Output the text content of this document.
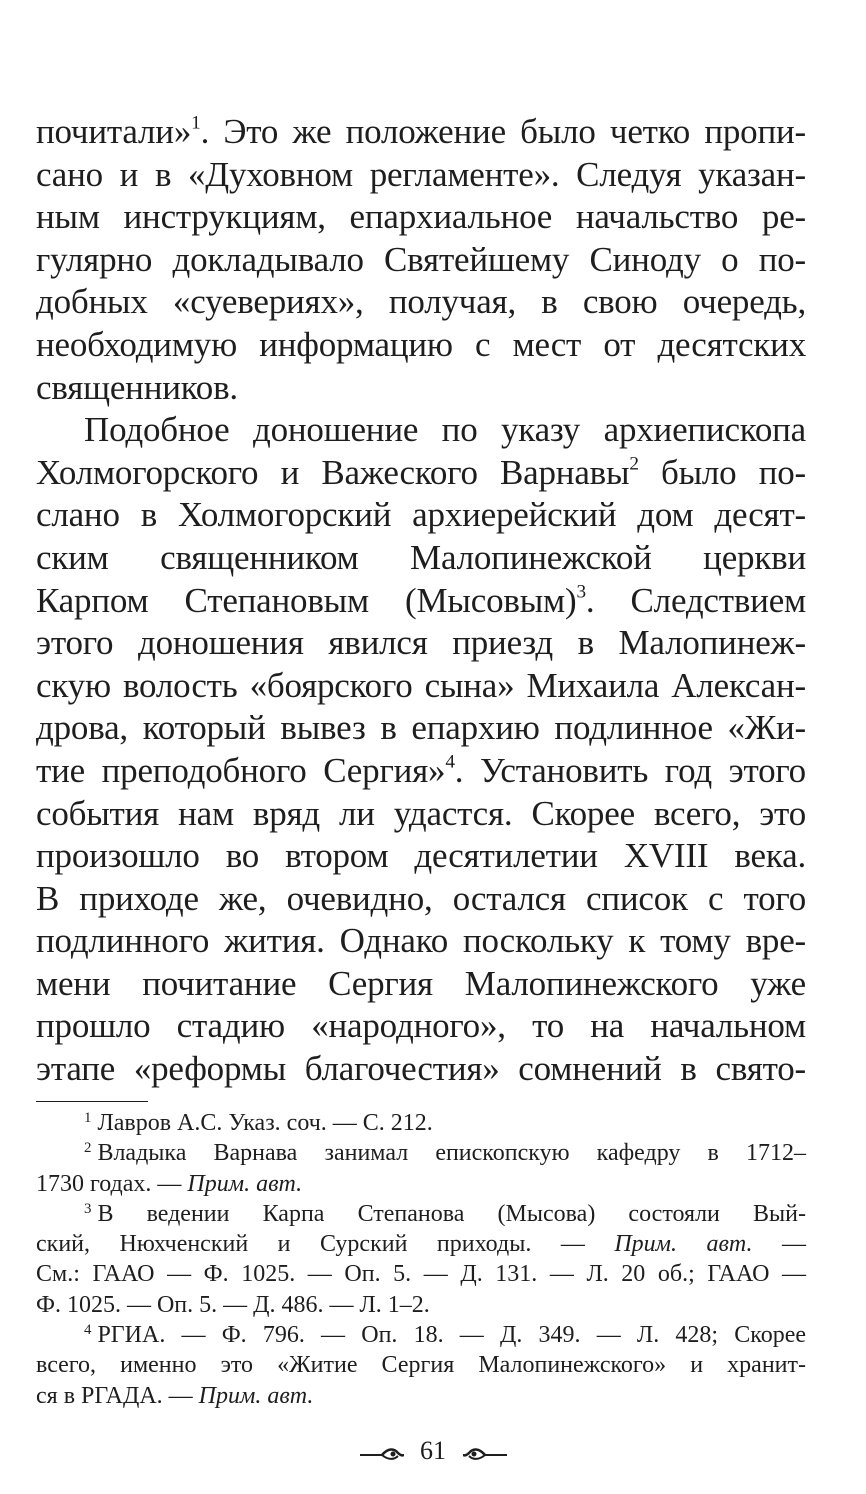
почитали»$^1$. Это же положение было четко пропи-
сано и в «Духовном регламенте». Следуя указан-
ным инструкциям, епархиальное начальство ре-
гулярно докладывало Святейшему Синоду о по-
добных «суевериях», получая, в свою очередь,
необходимую информацию с мест от десятских
священников.
Подобное доношение по указу архиепископа
Холмогорского и Важеского Варнавы$^2$ было по-
слано в Холмогорский архиерейский дом десят-
ским священником Малопинежской церкви
Карпом Степановым (Мысовым)$^3$. Следствием
этого доношения явился приезд в Малопинеж-
скую волость «боярского сына» Михаила Алексан-
дрова, который вывез в епархию подлинное «Жи-
тие преподобного Сергия»$^4$. Установить год этого
события нам вряд ли удастся. Скорее всего, это
произошло во втором десятилетии XVIII века.
В приходе же, очевидно, остался список с того
подлинного жития. Однако поскольку к тому вре-
мени почитание Сергия Малопинежского уже
прошло стадию «народного», то на начальном
этапе «реформы благочестия» сомнений в свято-
$^1$ Лавров А.С. Указ. соч. — С. 212.
$^2$ Владыка Варнава занимал епископскую кафедру в 1712–
1730 годах. — Прим. авт.
$^3$ В ведении Карпа Степанова (Мысова) состояли Вый-
ский, Нюхченский и Сурский приходы. — Прим. авт. —
См.: ГААО — Ф. 1025. — Оп. 5. — Д. 131. — Л. 20 об.; ГААО —
Ф. 1025. — Оп. 5. — Д. 486. — Л. 1–2.
$^4$ РГИА. — Ф. 796. — Оп. 18. — Д. 349. — Л. 428; Скорее
всего, именно это «Житие Сергия Малопинежского» и хранит-
ся в РГАДА. — Прим. авт.
61
